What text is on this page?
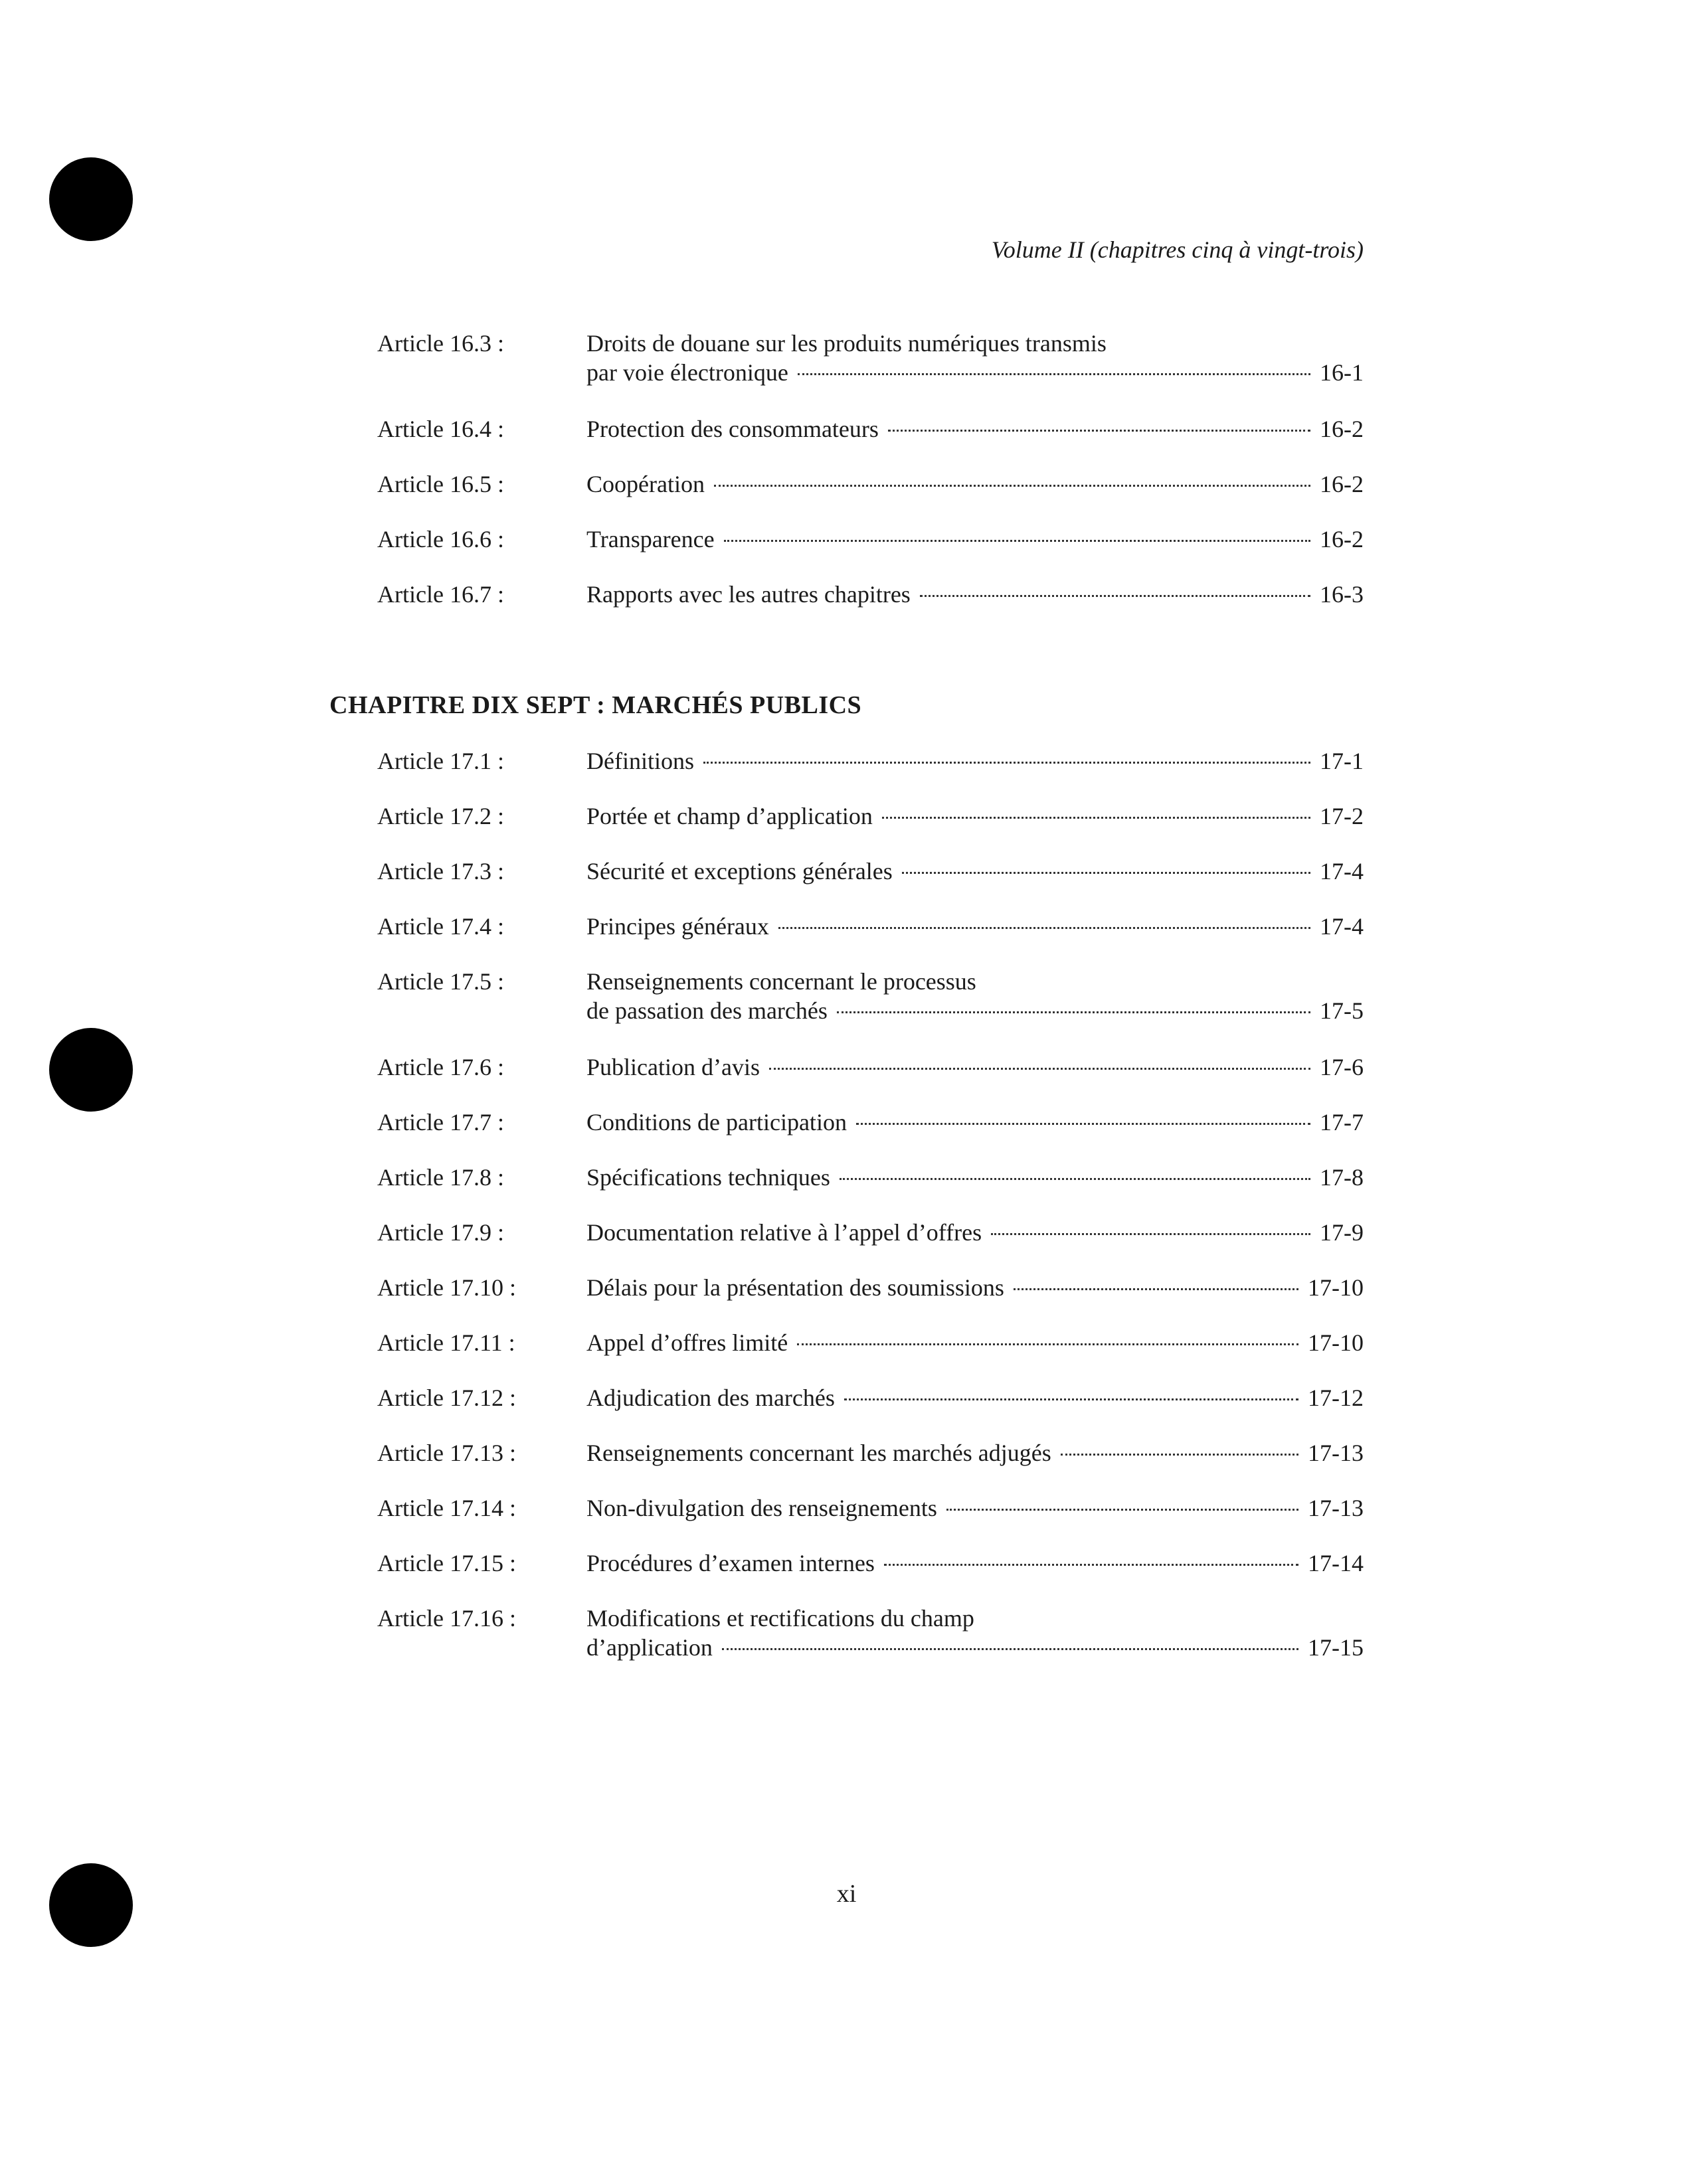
Volume II (chapitres cinq à vingt-trois)
Article 16.3 :	Droits de douane sur les produits numériques transmis
par voie électronique	16-1
Article 16.4 :	Protection des consommateurs	16-2
Article 16.5 :	Coopération	16-2
Article 16.6 :	Transparence	16-2
Article 16.7 :	Rapports avec les autres chapitres	16-3
CHAPITRE DIX SEPT : MARCHÉS PUBLICS
Article 17.1 :	Définitions	17-1
Article 17.2 :	Portée et champ d’application	17-2
Article 17.3 :	Sécurité et exceptions générales	17-4
Article 17.4 :	Principes généraux	17-4
Article 17.5 :	Renseignements concernant le processus
de passation des marchés	17-5
Article 17.6 :	Publication d’avis	17-6
Article 17.7 :	Conditions de participation	17-7
Article 17.8 :	Spécifications techniques	17-8
Article 17.9 :	Documentation relative à l’appel d’offres	17-9
Article 17.10 :	Délais pour la présentation des soumissions	17-10
Article 17.11 :	Appel d’offres limité	17-10
Article 17.12 :	Adjudication des marchés	17-12
Article 17.13 :	Renseignements concernant les marchés adjugés	17-13
Article 17.14 :	Non-divulgation des renseignements	17-13
Article 17.15 :	Procédures d’examen internes	17-14
Article 17.16 :	Modifications et rectifications du champ
d’application	17-15
xi
